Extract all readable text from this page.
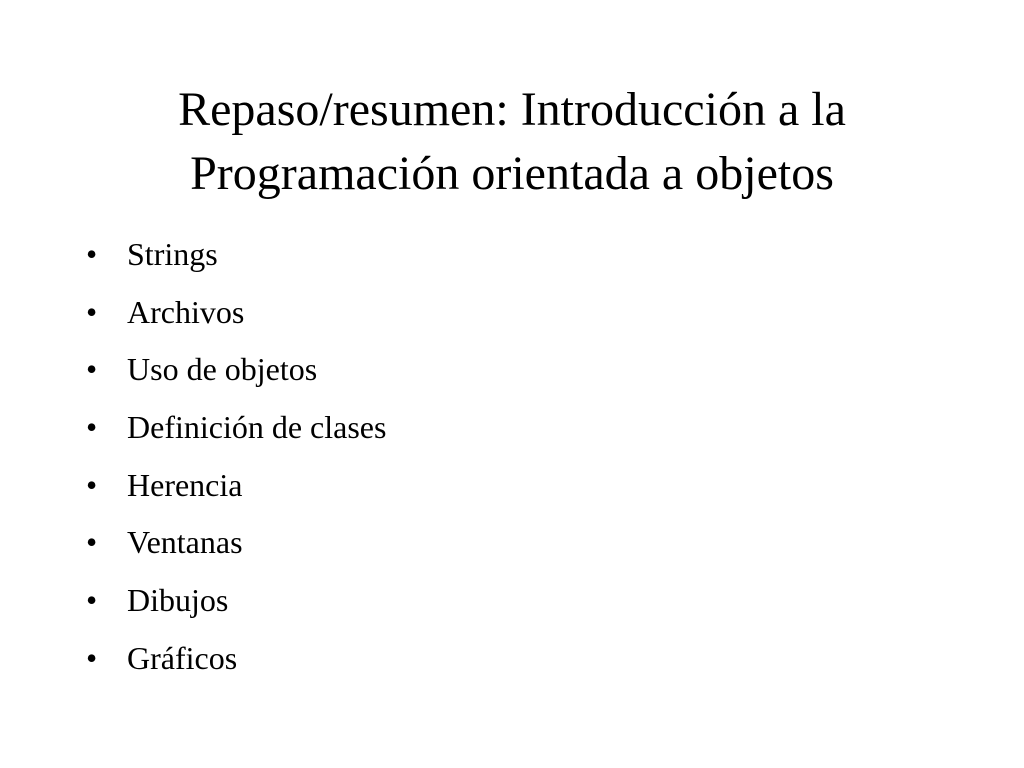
Repaso/resumen: Introducción a la
Programación orientada a objetos
• Strings
• Archivos
• Uso de objetos
• Definición de clases
• Herencia
• Ventanas
• Dibujos
• Gráficos
